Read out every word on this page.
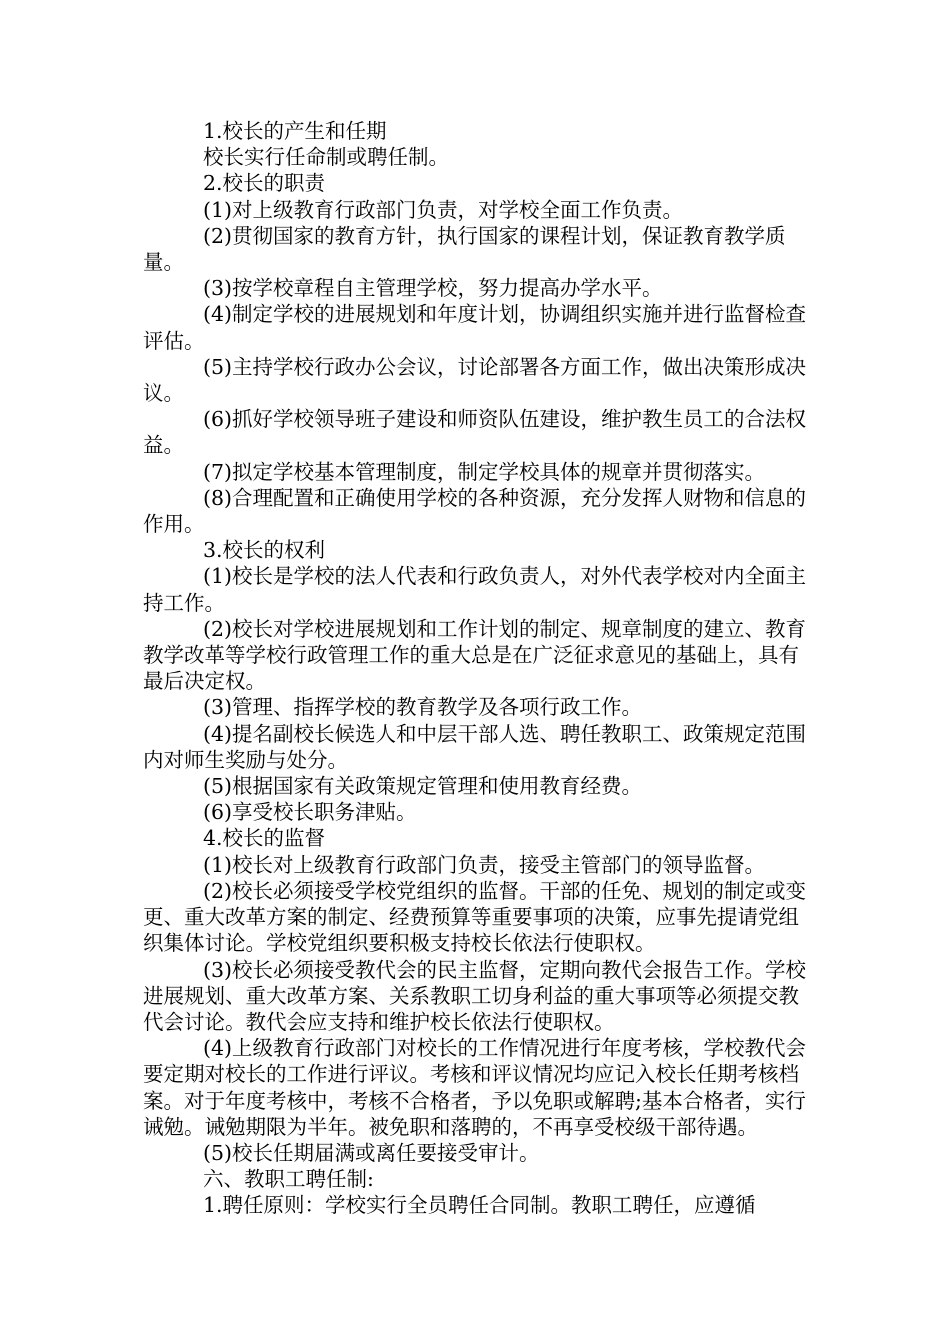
1.校长的产生和任期

校长实行任命制或聘任制。

2.校长的职责

(1)对上级教育行政部门负责，对学校全面工作负责。

(2)贯彻国家的教育方针，执行国家的课程计划，保证教育教学质量。

(3)按学校章程自主管理学校，努力提高办学水平。

(4)制定学校的进展规划和年度计划，协调组织实施并进行监督检查评估。

(5)主持学校行政办公会议，讨论部署各方面工作，做出决策形成决议。

(6)抓好学校领导班子建设和师资队伍建设，维护教生员工的合法权益。

(7)拟定学校基本管理制度，制定学校具体的规章并贯彻落实。

(8)合理配置和正确使用学校的各种资源，充分发挥人财物和信息的作用。

3.校长的权利

(1)校长是学校的法人代表和行政负责人，对外代表学校对内全面主持工作。

(2)校长对学校进展规划和工作计划的制定、规章制度的建立、教育教学改革等学校行政管理工作的重大总是在广泛征求意见的基础上，具有最后决定权。

(3)管理、指挥学校的教育教学及各项行政工作。

(4)提名副校长候选人和中层干部人选、聘任教职工、政策规定范围内对师生奖励与处分。

(5)根据国家有关政策规定管理和使用教育经费。

(6)享受校长职务津贴。

4.校长的监督

(1)校长对上级教育行政部门负责，接受主管部门的领导监督。

(2)校长必须接受学校党组织的监督。干部的任免、规划的制定或变更、重大改革方案的制定、经费预算等重要事项的决策，应事先提请党组织集体讨论。学校党组织要积极支持校长依法行使职权。

(3)校长必须接受教代会的民主监督，定期向教代会报告工作。学校进展规划、重大改革方案、关系教职工切身利益的重大事项等必须提交教代会讨论。教代会应支持和维护校长依法行使职权。

(4)上级教育行政部门对校长的工作情况进行年度考核，学校教代会要定期对校长的工作进行评议。考核和评议情况均应记入校长任期考核档案。对于年度考核中，考核不合格者，予以免职或解聘;基本合格者，实行诫勉。诫勉期限为半年。被免职和落聘的，不再享受校级干部待遇。

(5)校长任期届满或离任要接受审计。

六、教职工聘任制:

1.聘任原则：学校实行全员聘任合同制。教职工聘任，应遵循
